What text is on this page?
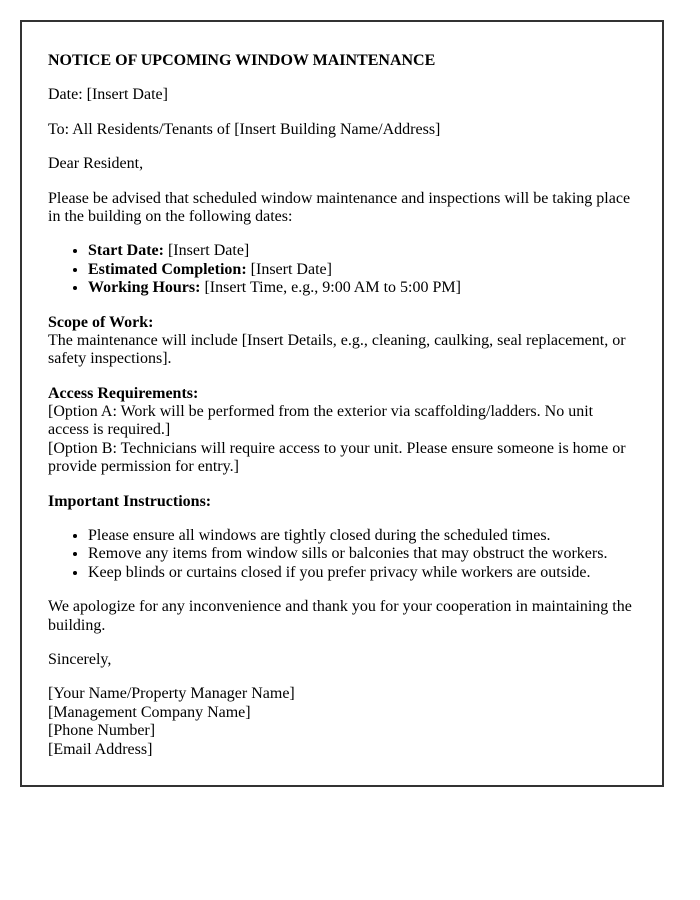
NOTICE OF UPCOMING WINDOW MAINTENANCE

Date: [Insert Date]

To: All Residents/Tenants of [Insert Building Name/Address]

Dear Resident,

Please be advised that scheduled window maintenance and inspections will be taking place in the building on the following dates:

• Start Date: [Insert Date]
• Estimated Completion: [Insert Date]
• Working Hours: [Insert Time, e.g., 9:00 AM to 5:00 PM]

Scope of Work:
The maintenance will include [Insert Details, e.g., cleaning, caulking, seal replacement, or safety inspections].

Access Requirements:
[Option A: Work will be performed from the exterior via scaffolding/ladders. No unit access is required.]
[Option B: Technicians will require access to your unit. Please ensure someone is home or provide permission for entry.]

Important Instructions:

• Please ensure all windows are tightly closed during the scheduled times.
• Remove any items from window sills or balconies that may obstruct the workers.
• Keep blinds or curtains closed if you prefer privacy while workers are outside.

We apologize for any inconvenience and thank you for your cooperation in maintaining the building.

Sincerely,

[Your Name/Property Manager Name]
[Management Company Name]
[Phone Number]
[Email Address]
